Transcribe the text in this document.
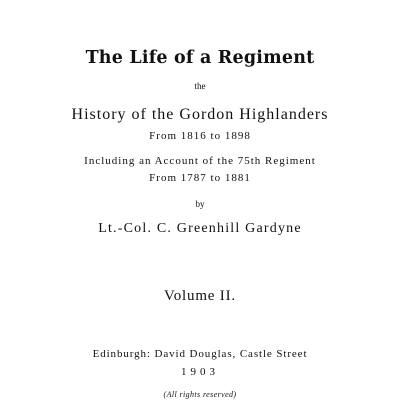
The Life of a Regiment
the
History of the Gordon Highlanders
From 1816 to 1898
Including an Account of the 75th Regiment
From 1787 to 1881
by
Lt.-Col. C. Greenhill Gardyne
Volume II.
Edinburgh: David Douglas, Castle Street
1903
(All rights reserved)
